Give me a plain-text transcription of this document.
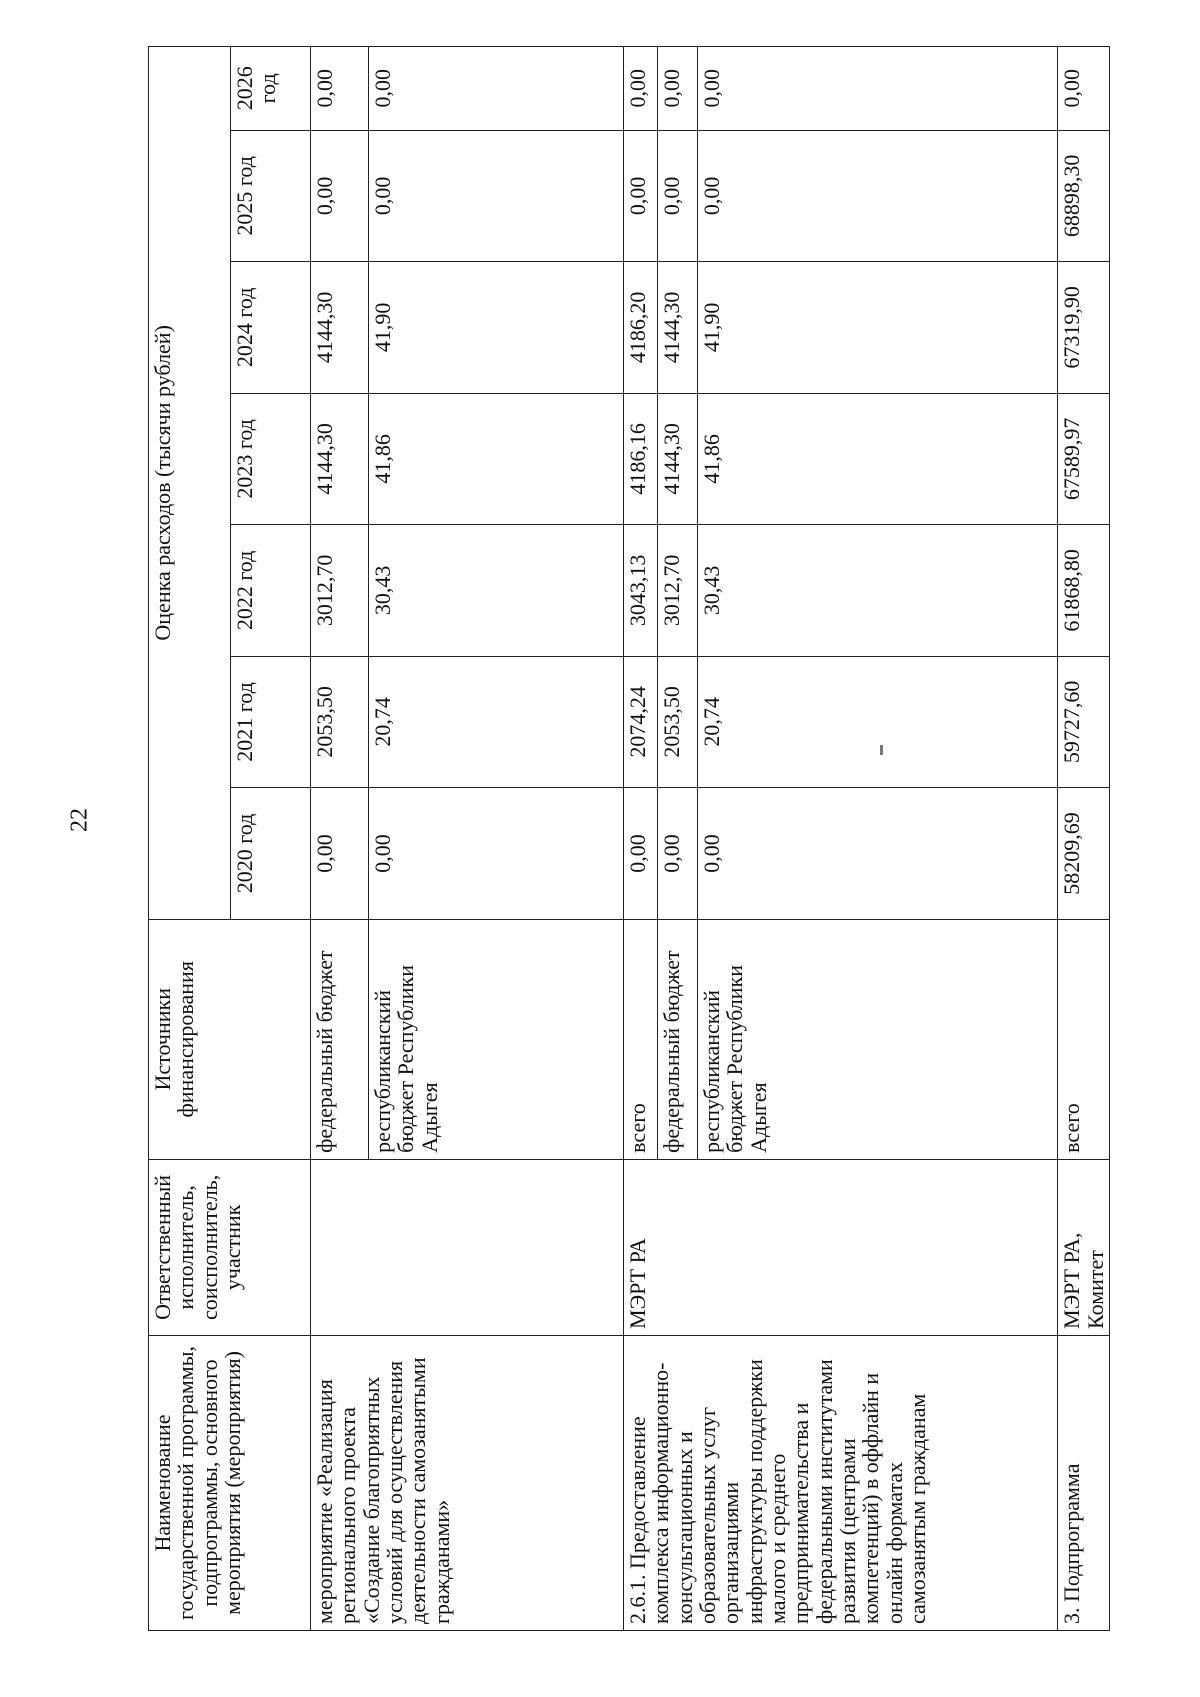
22
Наименование государственной программы, подпрограммы, основного мероприятия (мероприятия)	Ответственный исполнитель, соисполнитель, участник	Источники финансирования	Оценка расходов (тысячи рублей)						
			2020 год	2021 год	2022 год	2023 год	2024 год	2025 год	2026 год
мероприятие «Реализация регионального проекта «Создание благоприятных условий для осуществления деятельности самозанятыми гражданами»		федеральный бюджет	0,00	2053,50	3012,70	4144,30	4144,30	0,00	0,00
		республиканский бюджет Республики Адыгея	0,00	20,74	30,43	41,86	41,90	0,00	0,00
2.6.1. Предоставление комплекса информационно-консультационных и образовательных услуг организациями инфраструктуры поддержки малого и среднего предпринимательства и федеральными институтами развития (центрами компетенций) в оффлайн и онлайн форматах самозанятым гражданам	МЭРТ РА	всего	0,00	2074,24	3043,13	4186,16	4186,20	0,00	0,00
		федеральный бюджет	0,00	2053,50	3012,70	4144,30	4144,30	0,00	0,00
		республиканский бюджет Республики Адыгея	0,00	20,74	30,43	41,86	41,90	0,00	0,00
3. Подпрограмма	МЭРТ РА, Комитет	всего	58209,69	59727,60	61868,80	67589,97	67319,90	68898,30	0,00
